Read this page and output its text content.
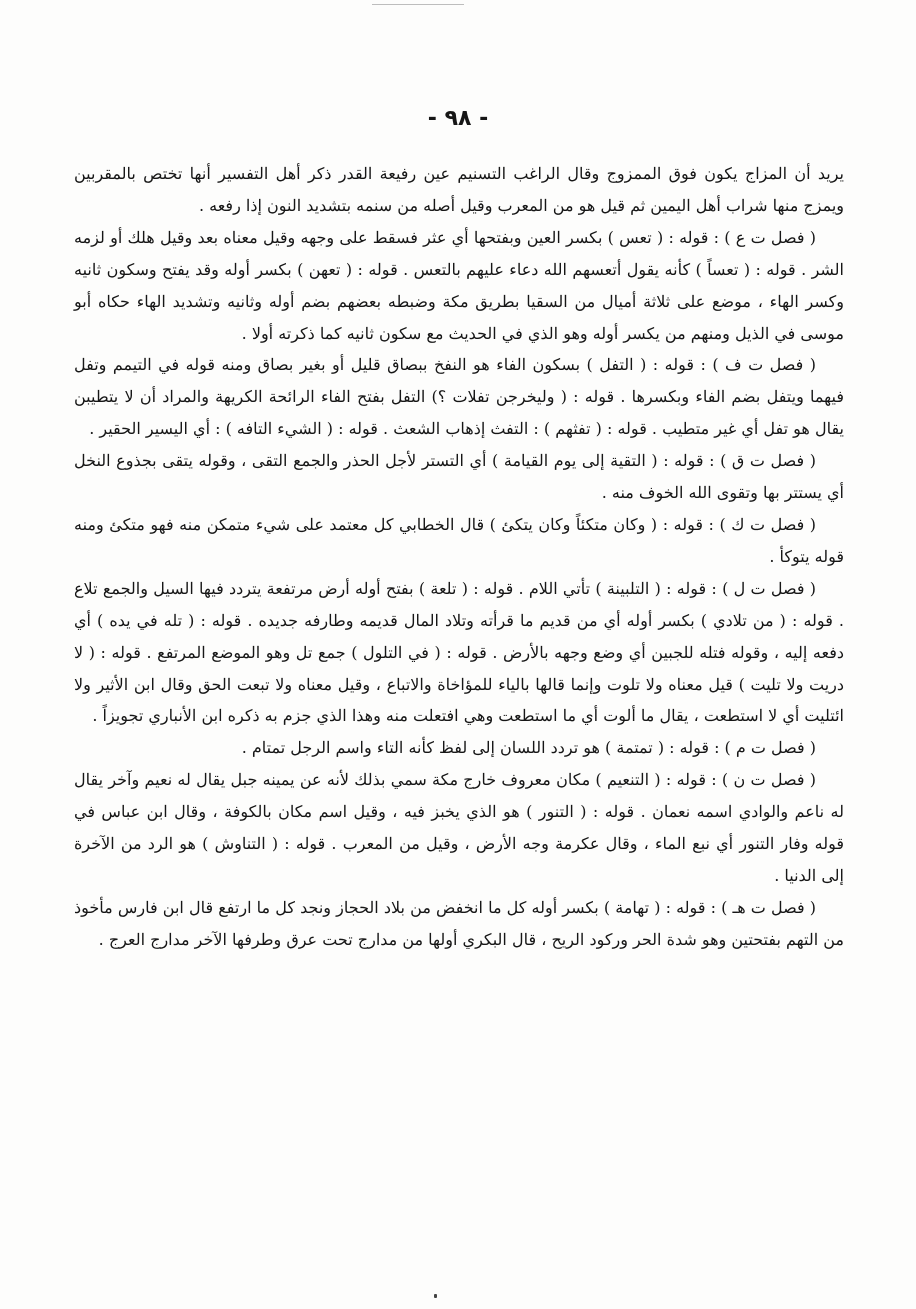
- ٩٨ -

يريد أن المزاج يكون فوق الممزوج وقال الراغب التسنيم عين رفيعة القدر ذكر أهل التفسير أنها تختص بالمقربين ويمزج منها شراب أهل اليمين ثم قيل هو من المعرب وقيل أصله من سنمه بتشديد النون إذا رفعه .

( فصل ت ع ) : قوله : ( تعس ) بكسر العين وبفتحها أي عثر فسقط على وجهه وقيل معناه بعد وقيل هلك أو لزمه الشر . قوله : ( تعساً ) كأنه يقول أتعسهم الله دعاء عليهم بالتعس . قوله : ( تعهن ) بكسر أوله وقد يفتح وسكون ثانيه وكسر الهاء ، موضع على ثلاثة أميال من السقيا بطريق مكة وضبطه بعضهم بضم أوله وثانيه وتشديد الهاء حكاه أبو موسى في الذيل ومنهم من يكسر أوله وهو الذي في الحديث مع سكون ثانيه كما ذكرته أولا .

( فصل ت ف ) : قوله : ( التفل ) بسكون الفاء هو النفخ ببصاق قليل أو بغير بصاق ومنه قوله في التيمم وتفل فيهما ويتفل بضم الفاء وبكسرها . قوله : ( وليخرجن تفلات ؟) التفل بفتح الفاء الرائحة الكريهة والمراد أن لا يتطيبن يقال هو تفل أي غير متطيب . قوله : ( تفثهم ) : التفث إذهاب الشعث . قوله : ( الشيء التافه ) : أي اليسير الحقير .

( فصل ت ق ) : قوله : ( التقية إلى يوم القيامة ) أي التستر لأجل الحذر والجمع التقى ، وقوله يتقى بجذوع النخل أي يستتر بها وتقوى الله الخوف منه .

( فصل ت ك ) : قوله : ( وكان متكئاً وكان يتكئ ) قال الخطابي كل معتمد على شيء متمكن منه فهو متكئ ومنه قوله يتوكأ .

( فصل ت ل ) : قوله : ( التلبينة ) تأتي اللام . قوله : ( تلعة ) بفتح أوله أرض مرتفعة يتردد فيها السيل والجمع تلاع . قوله : ( من تلادي ) بكسر أوله أي من قديم ما قرأته وتلاد المال قديمه وطارفه جديده . قوله : ( تله في يده ) أي دفعه إليه ، وقوله فتله للجبين أي وضع وجهه بالأرض . قوله : ( في التلول ) جمع تل وهو الموضع المرتفع . قوله : ( لا دريت ولا تليت ) قيل معناه ولا تلوت وإنما قالها بالياء للمؤاخاة والاتباع ، وقيل معناه ولا تبعت الحق وقال ابن الأثير ولا ائتليت أي لا استطعت ، يقال ما ألوت أي ما استطعت وهي افتعلت منه وهذا الذي جزم به ذكره ابن الأنباري تجويزاً .

( فصل ت م ) : قوله : ( تمتمة ) هو تردد اللسان إلى لفظ كأنه التاء واسم الرجل تمتام .

( فصل ت ن ) : قوله : ( التنعيم ) مكان معروف خارج مكة سمي بذلك لأنه عن يمينه جبل يقال له نعيم وآخر يقال له ناعم والوادي اسمه نعمان . قوله : ( التنور ) هو الذي يخبز فيه ، وقيل اسم مكان بالكوفة ، وقال ابن عباس في قوله وفار التنور أي نبع الماء ، وقال عكرمة وجه الأرض ، وقيل من المعرب . قوله : ( التناوش ) هو الرد من الآخرة إلى الدنيا .

( فصل ت هـ ) : قوله : ( تهامة ) بكسر أوله كل ما انخفض من بلاد الحجاز ونجد كل ما ارتفع قال ابن فارس مأخوذ من التهم بفتحتين وهو شدة الحر وركود الريح ، قال البكري أولها من مدارج تحت عرق وطرفها الآخر مدارج العرج .
